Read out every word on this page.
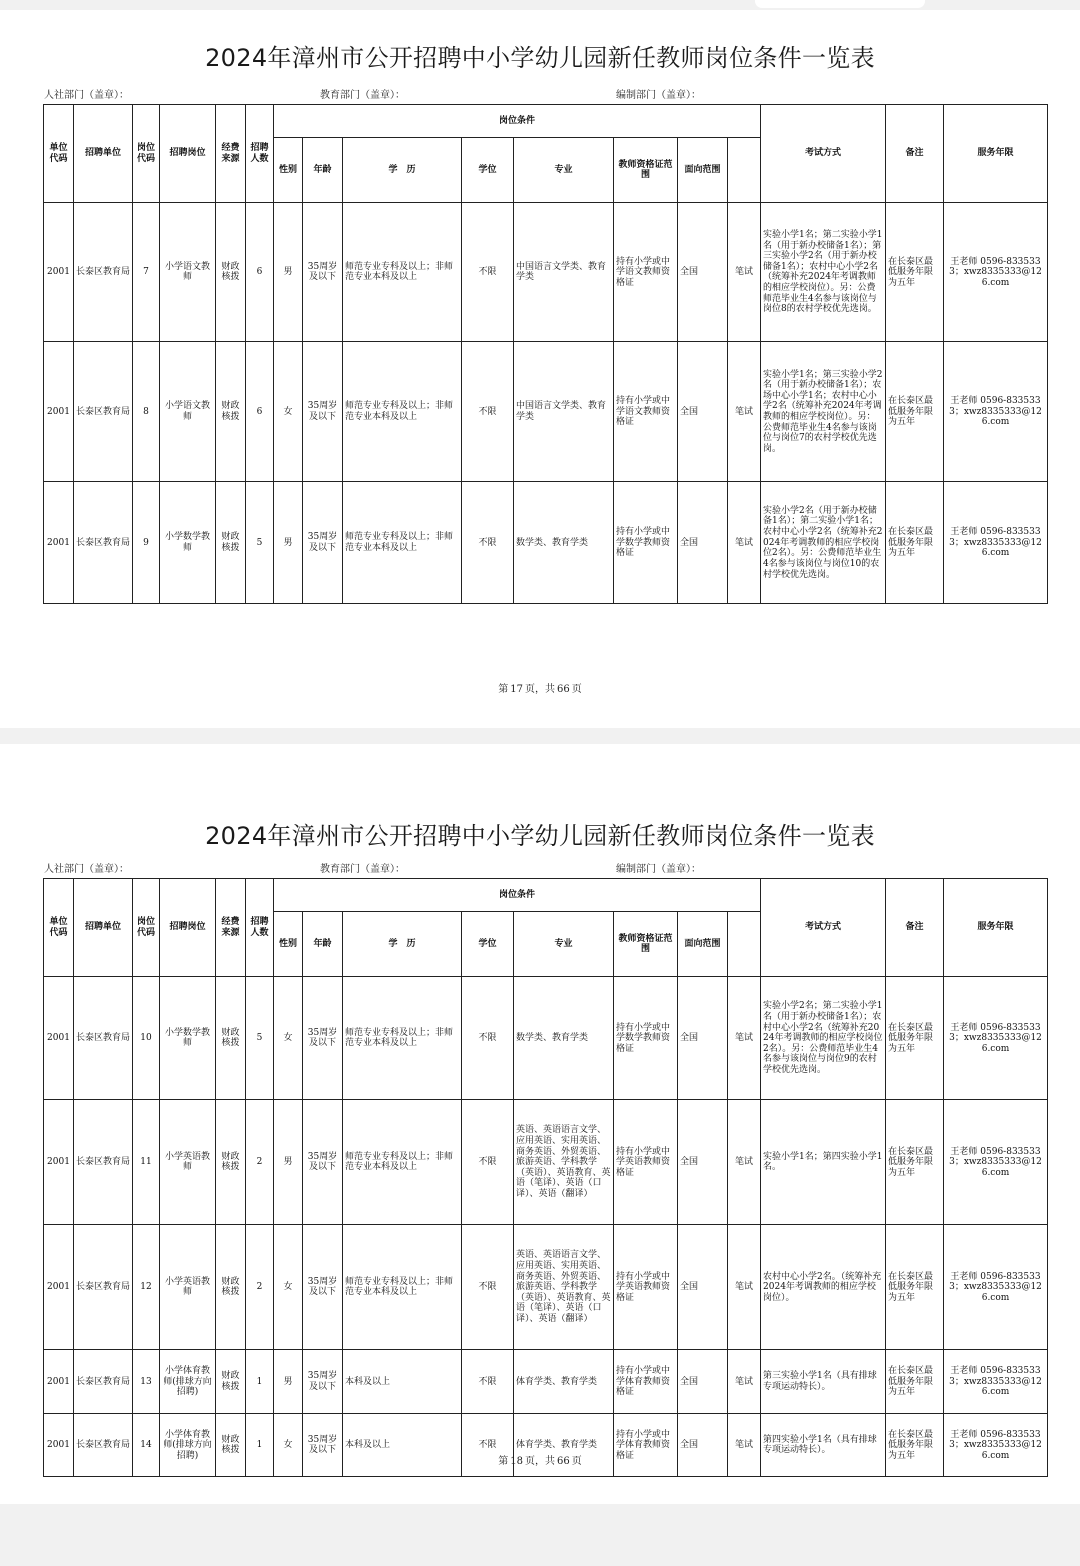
2024年漳州市公开招聘中小学幼儿园新任教师岗位条件一览表
人社部门（盖章）：	教育部门（盖章）：	编制部门（盖章）：
单位代码	招聘单位	岗位代码	招聘岗位	经费来源	招聘人数	岗位条件								考试方式	备注	服务年限	
						性别	年龄	学　历	学位	专业	教师资格证范围	面向范围					
2001	长泰区教育局	7	小学语文教师	财政核拨	6	男	35周岁及以下	师范专业专科及以上；非师范专业本科及以上	不限	中国语言文学类、教育学类	持有小学或中学语文教师资格证	全国	笔试	实验小学1名；第二实验小学1名（用于新办校储备1名）；第三实验小学2名（用于新办校储备1名）；农村中心小学2名（统筹补充2024年考调教师的相应学校岗位）。另：公费师范毕业生4名参与该岗位与岗位8的农村学校优先选岗。	在长泰区最低服务年限为五年	王老师 0596-8335333；xwz8335333@126.com	
2001	长泰区教育局	8	小学语文教师	财政核拨	6	女	35周岁及以下	师范专业专科及以上；非师范专业本科及以上	不限	中国语言文学类、教育学类	持有小学或中学语文教师资格证	全国	笔试	实验小学1名；第三实验小学2名（用于新办校储备1名）；农场中心小学1名；农村中心小学2名（统筹补充2024年考调教师的相应学校岗位）。另：公费师范毕业生4名参与该岗位与岗位7的农村学校优先选岗。	在长泰区最低服务年限为五年	王老师 0596-8335333；xwz8335333@126.com	
2001	长泰区教育局	9	小学数学教师	财政核拨	5	男	35周岁及以下	师范专业专科及以上；非师范专业本科及以上	不限	数学类、教育学类	持有小学或中学数学教师资格证	全国	笔试	实验小学2名（用于新办校储备1名）；第二实验小学1名；农村中心小学2名（统筹补充2024年考调教师的相应学校岗位2名）。另：公费师范毕业生4名参与该岗位与岗位10的农村学校优先选岗。	在长泰区最低服务年限为五年	王老师 0596-8335333；xwz8335333@126.com	
第 17 页，共 66 页
2024年漳州市公开招聘中小学幼儿园新任教师岗位条件一览表
人社部门（盖章）：	教育部门（盖章）：	编制部门（盖章）：
单位代码	招聘单位	岗位代码	招聘岗位	经费来源	招聘人数	岗位条件								考试方式	备注	服务年限	
						性别	年龄	学　历	学位	专业	教师资格证范围	面向范围					
2001	长泰区教育局	10	小学数学教师	财政核拨	5	女	35周岁及以下	师范专业专科及以上；非师范专业本科及以上	不限	数学类、教育学类	持有小学或中学数学教师资格证	全国	笔试	实验小学2名；第二实验小学1名（用于新办校储备1名）；农村中心小学2名（统筹补充2024年考调教师的相应学校岗位2名）。另：公费师范毕业生4名参与该岗位与岗位9的农村学校优先选岗。	在长泰区最低服务年限为五年	王老师 0596-8335333；xwz8335333@126.com	
2001	长泰区教育局	11	小学英语教师	财政核拨	2	男	35周岁及以下	师范专业专科及以上；非师范专业本科及以上	不限	英语、英语语言文学、应用英语、实用英语、商务英语、外贸英语、旅游英语、学科教学（英语）、英语教育、英语（笔译）、英语（口译）、英语（翻译）	持有小学或中学英语教师资格证	全国	笔试	实验小学1名；第四实验小学1名。	在长泰区最低服务年限为五年	王老师 0596-8335333；xwz8335333@126.com	
2001	长泰区教育局	12	小学英语教师	财政核拨	2	女	35周岁及以下	师范专业专科及以上；非师范专业本科及以上	不限	英语、英语语言文学、应用英语、实用英语、商务英语、外贸英语、旅游英语、学科教学（英语）、英语教育、英语（笔译）、英语（口译）、英语（翻译）	持有小学或中学英语教师资格证	全国	笔试	农村中心小学2名。（统筹补充2024年考调教师的相应学校岗位）。	在长泰区最低服务年限为五年	王老师 0596-8335333；xwz8335333@126.com	
2001	长泰区教育局	13	小学体育教师(排球方向招聘)	财政核拨	1	男	35周岁及以下	本科及以上	不限	体育学类、教育学类	持有小学或中学体育教师资格证	全国	笔试	第三实验小学1名（具有排球专项运动特长）。	在长泰区最低服务年限为五年	王老师 0596-8335333；xwz8335333@126.com	
2001	长泰区教育局	14	小学体育教师(排球方向招聘)	财政核拨	1	女	35周岁及以下	本科及以上	不限	体育学类、教育学类	持有小学或中学体育教师资格证	全国	笔试	第四实验小学1名（具有排球专项运动特长）。	在长泰区最低服务年限为五年	王老师 0596-8335333；xwz8335333@126.com	
第 18 页，共 66 页
